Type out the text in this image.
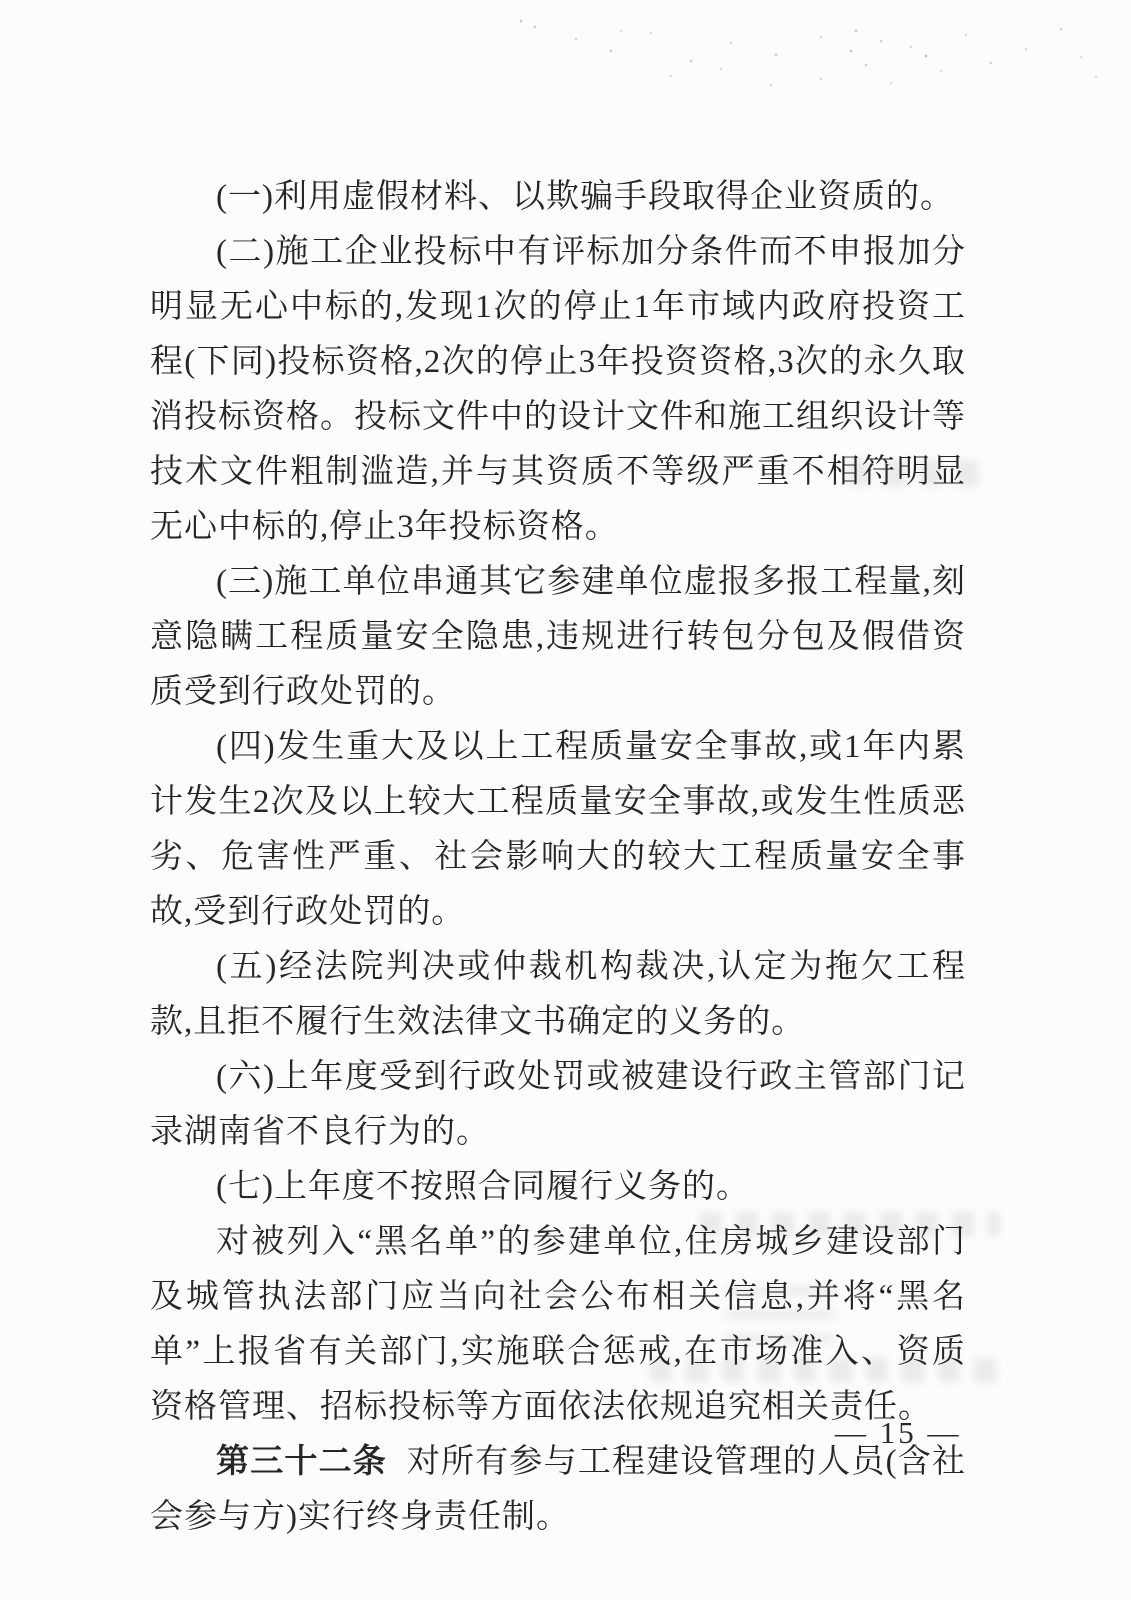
(一)利用虚假材料、以欺骗手段取得企业资质的。

(二)施工企业投标中有评标加分条件而不申报加分明显无心中标的,发现1次的停止1年市域内政府投资工程(下同)投标资格,2次的停止3年投资资格,3次的永久取消投标资格。投标文件中的设计文件和施工组织设计等技术文件粗制滥造,并与其资质不等级严重不相符明显无心中标的,停止3年投标资格。

(三)施工单位串通其它参建单位虚报多报工程量,刻意隐瞒工程质量安全隐患,违规进行转包分包及假借资质受到行政处罚的。

(四)发生重大及以上工程质量安全事故,或1年内累计发生2次及以上较大工程质量安全事故,或发生性质恶劣、危害性严重、社会影响大的较大工程质量安全事故,受到行政处罚的。

(五)经法院判决或仲裁机构裁决,认定为拖欠工程款,且拒不履行生效法律文书确定的义务的。

(六)上年度受到行政处罚或被建设行政主管部门记录湖南省不良行为的。

(七)上年度不按照合同履行义务的。

对被列入“黑名单”的参建单位,住房城乡建设部门及城管执法部门应当向社会公布相关信息,并将“黑名单”上报省有关部门,实施联合惩戒,在市场准入、资质资格管理、招标投标等方面依法依规追究相关责任。

第三十二条 对所有参与工程建设管理的人员(含社会参与方)实行终身责任制。

— 15 —
